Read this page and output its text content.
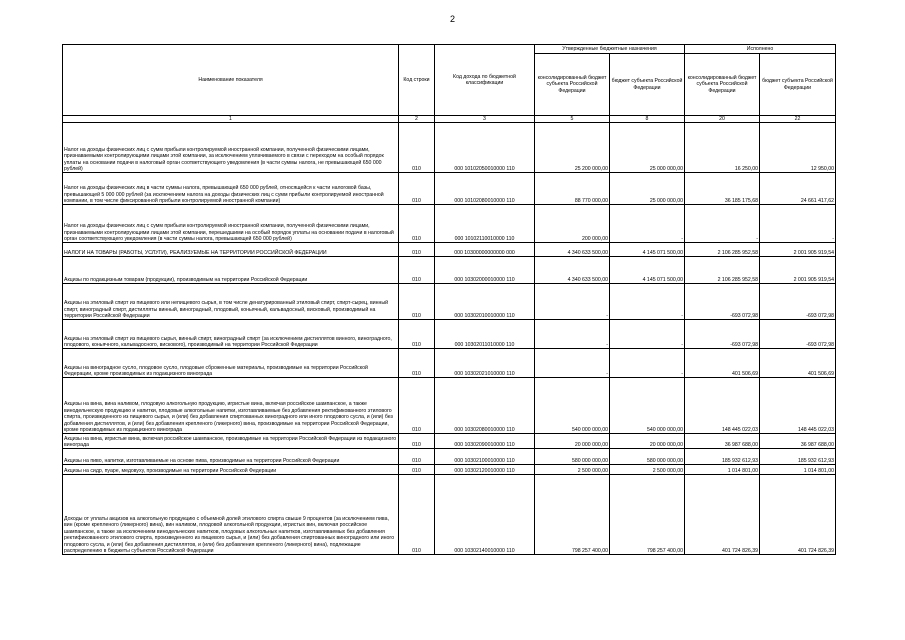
2
Наименование показателя	Код строки	Код дохода по бюджетной классификации	Утвержденные бюджетные назначения		Исполнено	
			консолидированный бюджет субъекта Российской Федерации	бюджет субъекта Российской Федерации	консолидированный бюджет субъекта Российской Федерации	бюджет субъекта Российской Федерации
1	2	3	5	8	20	22
Налог на доходы физических лиц с сумм прибыли контролируемой иностранной компании, полученной физическими лицами, признаваемыми контролирующими лицами этой компании, за исключением уплачиваемого в связи с переходом на особый порядок уплаты на основании подачи в налоговый орган соответствующего уведомления (в части суммы налога, не превышающей 650 000 рублей)	010	000 10102050010000 110	25 200 000,00	25 000 000,00	16 250,00	12 950,00
Налог на доходы физических лиц в части суммы налога, превышающей 650 000 рублей, относящейся к части налоговой базы, превышающей 5 000 000 рублей (за исключением налога на доходы физических лиц с сумм прибыли контролируемой иностранной компании, в том числе фиксированной прибыли контролируемой иностранной компании)	010	000 10102080010000 110	88 770 000,00	25 000 000,00	36 185 175,68	24 661 417,62
Налог на доходы физических лиц с сумм прибыли контролируемой иностранной компании, полученной физическими лицами, признаваемыми контролирующими лицами этой компании, перешедшими на особый порядок уплаты на основании подачи в налоговый орган соответствующего уведомления (в части суммы налога, превышающей 650 000 рублей)	010	000 10102110010000 110	200 000,00	-	-	-
НАЛОГИ НА ТОВАРЫ (РАБОТЫ, УСЛУГИ), РЕАЛИЗУЕМЫЕ НА ТЕРРИТОРИИ РОССИЙСКОЙ ФЕДЕРАЦИИ	010	000 10300000000000 000	4 340 633 500,00	4 145 071 500,00	2 106 285 952,58	2 001 905 919,54
Акцизы по подакцизным товарам (продукции), производимым на территории Российской Федерации	010	000 10302000010000 110	4 340 633 500,00	4 145 071 500,00	2 106 285 952,58	2 001 905 919,54
Акцизы на этиловый спирт из пищевого или непищевого сырья, в том числе денатурированный этиловый спирт, спирт-сырец, винный спирт, виноградный спирт, дистилляты винный, виноградный, плодовый, коньячный, кальвадосный, висковый, производимый на территории Российской Федерации	010	000 10302010010000 110	-	-	-693 072,98	-693 072,98
Акцизы на этиловый спирт из пищевого сырья, винный спирт, виноградный спирт (за исключением дистиллятов винного, виноградного, плодового, коньячного, кальвадосного, вискового), производимый на территории Российской Федерации	010	000 10302011010000 110	-	-	-693 072,98	-693 072,98
Акцизы на виноградное сусло, плодовое сусло, плодовые сброженные материалы, производимые на территории Российской Федерации, кроме производимых из подакцизного винограда	010	000 10302021010000 110	-	-	401 506,69	401 506,69
Акцизы на вина, вина наливом, плодовую алкогольную продукцию, игристые вина, включая российское шампанское, а также винодельческую продукцию и напитки, плодовые алкогольные напитки, изготавливаемые без добавления ректификованного этилового спирта, произведенного из пищевого сырья, и (или) без добавления спиртованных виноградного или иного плодового сусла, и (или) без добавления дистиллятов, и (или) без добавления крепленого (ликерного) вина, производимые на территории Российской Федерации, кроме производимых из подакцизного винограда	010	000 10302080010000 110	540 000 000,00	540 000 000,00	148 445 022,03	148 445 022,03
Акцизы на вина, игристые вина, включая российское шампанское, производимые на территории Российской Федерации из подакцизного винограда	010	000 10302090010000 110	20 000 000,00	20 000 000,00	36 987 688,00	36 987 688,00
Акцизы на пиво, напитки, изготавливаемые на основе пива, производимые на территории Российской Федерации	010	000 10302100010000 110	580 000 000,00	580 000 000,00	185 932 612,93	185 932 612,93
Акцизы на сидр, пуаре, медовуху, производимые на территории Российской Федерации	010	000 10302120010000 110	2 500 000,00	2 500 000,00	1 014 801,00	1 014 801,00
Доходы от уплаты акцизов на алкогольную продукцию с объемной долей этилового спирта свыше 9 процентов (за исключением пива, вин (кроме крепленого (ликерного) вина), вин наливом, плодовой алкогольной продукции, игристых вин, включая российское шампанское, а также за исключением винодельческих напитков, плодовых алкогольных напитков, изготавливаемых без добавления ректификованного этилового спирта, произведенного из пищевого сырья, и (или) без добавления спиртованных виноградного или иного плодового сусла, и (или) без добавления дистиллятов, и (или) без добавления крепленого (ликерного) вина), подлежащие распределению в бюджеты субъектов Российской Федерации	010	000 10302140010000 110	798 257 400,00	798 257 400,00	401 724 826,39	401 724 826,39
